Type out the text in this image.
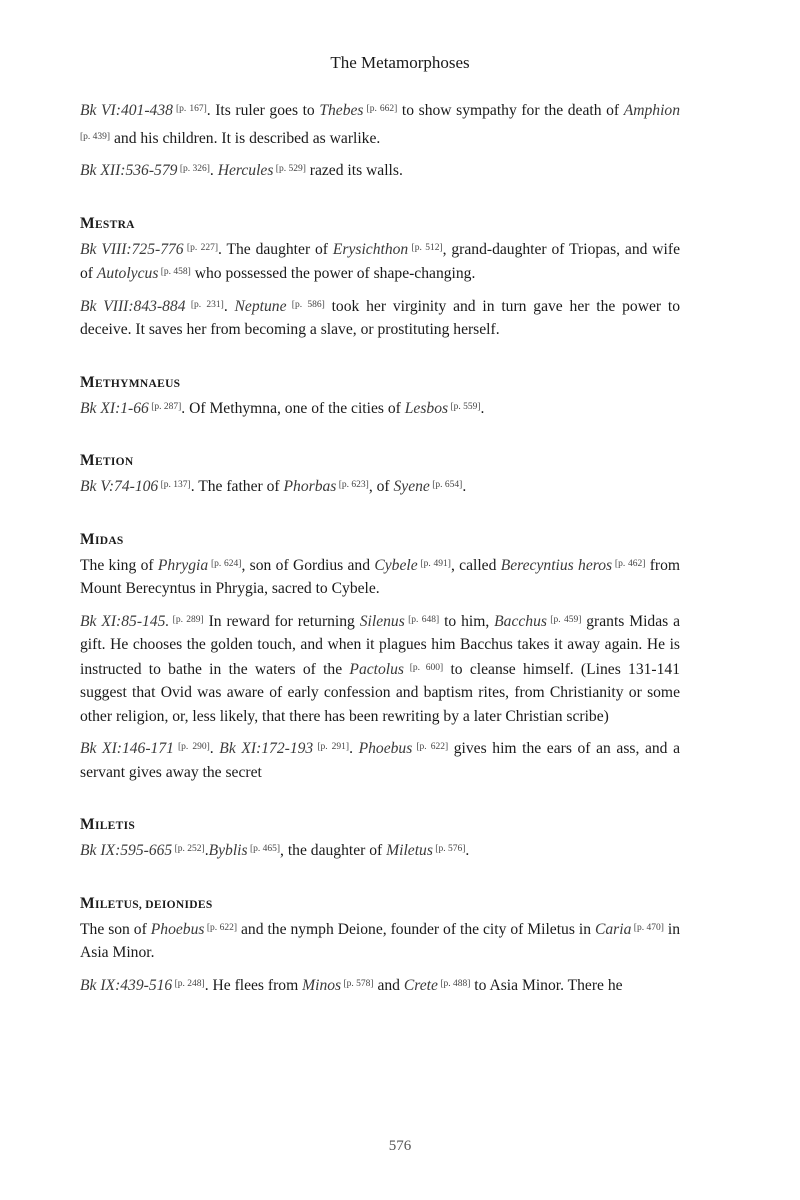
The Metamorphoses

Bk VI:401-438 [p. 167]. Its ruler goes to Thebes [p. 662] to show sympathy for the death of Amphion [p. 439] and his children. It is described as warlike.

Bk XII:536-579 [p. 326]. Hercules [p. 529] razed its walls.

MESTRA

Bk VIII:725-776 [p. 227]. The daughter of Erysichthon [p. 512], grand-daughter of Triopas, and wife of Autolycus [p. 458] who possessed the power of shape-changing.

Bk VIII:843-884 [p. 231]. Neptune [p. 586] took her virginity and in turn gave her the power to deceive. It saves her from becoming a slave, or prostituting herself.

METHYMNAEUS

Bk XI:1-66 [p. 287]. Of Methymna, one of the cities of Lesbos [p. 559].

METION

Bk V:74-106 [p. 137]. The father of Phorbas [p. 623], of Syene [p. 654].

MIDAS

The king of Phrygia [p. 624], son of Gordius and Cybele [p. 491], called Berecyntius heros [p. 462] from Mount Berecyntus in Phrygia, sacred to Cybele.

Bk XI:85-145. [p. 289] In reward for returning Silenus [p. 648] to him, Bacchus [p. 459] grants Midas a gift. He chooses the golden touch, and when it plagues him Bacchus takes it away again. He is instructed to bathe in the waters of the Pactolus [p. 600] to cleanse himself. (Lines 131-141 suggest that Ovid was aware of early confession and baptism rites, from Christianity or some other religion, or, less likely, that there has been rewriting by a later Christian scribe)

Bk XI:146-171 [p. 290]. Bk XI:172-193 [p. 291]. Phoebus [p. 622] gives him the ears of an ass, and a servant gives away the secret

MILETIS

Bk IX:595-665 [p. 252].Byblis [p. 465], the daughter of Miletus [p. 576].

MILETUS, DEIONIDES

The son of Phoebus [p. 622] and the nymph Deione, founder of the city of Miletus in Caria [p. 470] in Asia Minor.

Bk IX:439-516 [p. 248]. He flees from Minos [p. 578] and Crete [p. 488] to Asia Minor. There he

576
